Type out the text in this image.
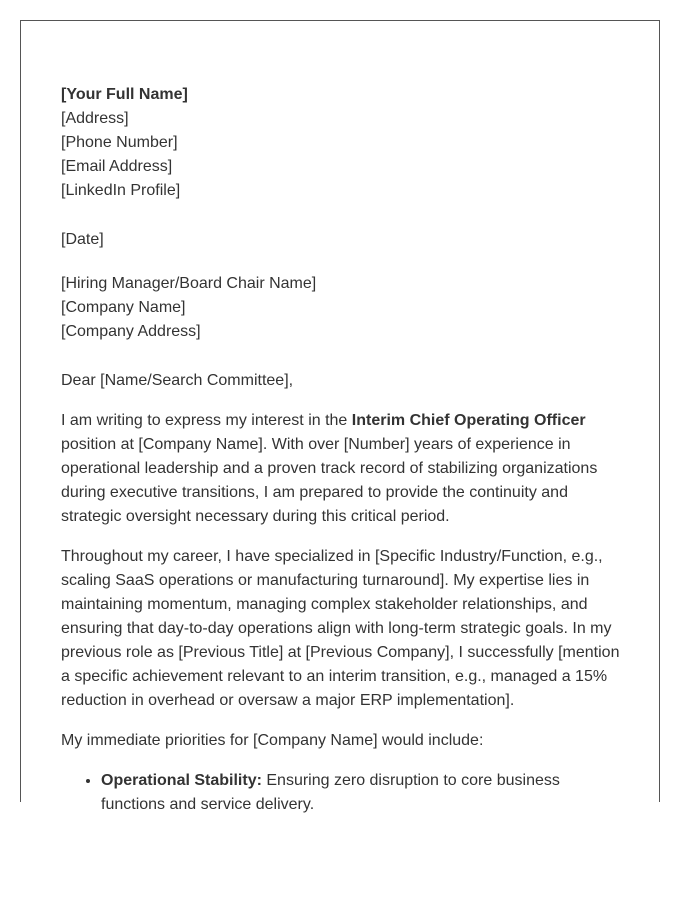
[Your Full Name]
[Address]
[Phone Number]
[Email Address]
[LinkedIn Profile]
[Date]
[Hiring Manager/Board Chair Name]
[Company Name]
[Company Address]
Dear [Name/Search Committee],

I am writing to express my interest in the Interim Chief Operating Officer position at [Company Name]. With over [Number] years of experience in operational leadership and a proven track record of stabilizing organizations during executive transitions, I am prepared to provide the continuity and strategic oversight necessary during this critical period.

Throughout my career, I have specialized in [Specific Industry/Function, e.g., scaling SaaS operations or manufacturing turnaround]. My expertise lies in maintaining momentum, managing complex stakeholder relationships, and ensuring that day-to-day operations align with long-term strategic goals. In my previous role as [Previous Title] at [Previous Company], I successfully [mention a specific achievement relevant to an interim transition, e.g., managed a 15% reduction in overhead or oversaw a major ERP implementation].

My immediate priorities for [Company Name] would include:

• Operational Stability: Ensuring zero disruption to core business functions and service delivery.
